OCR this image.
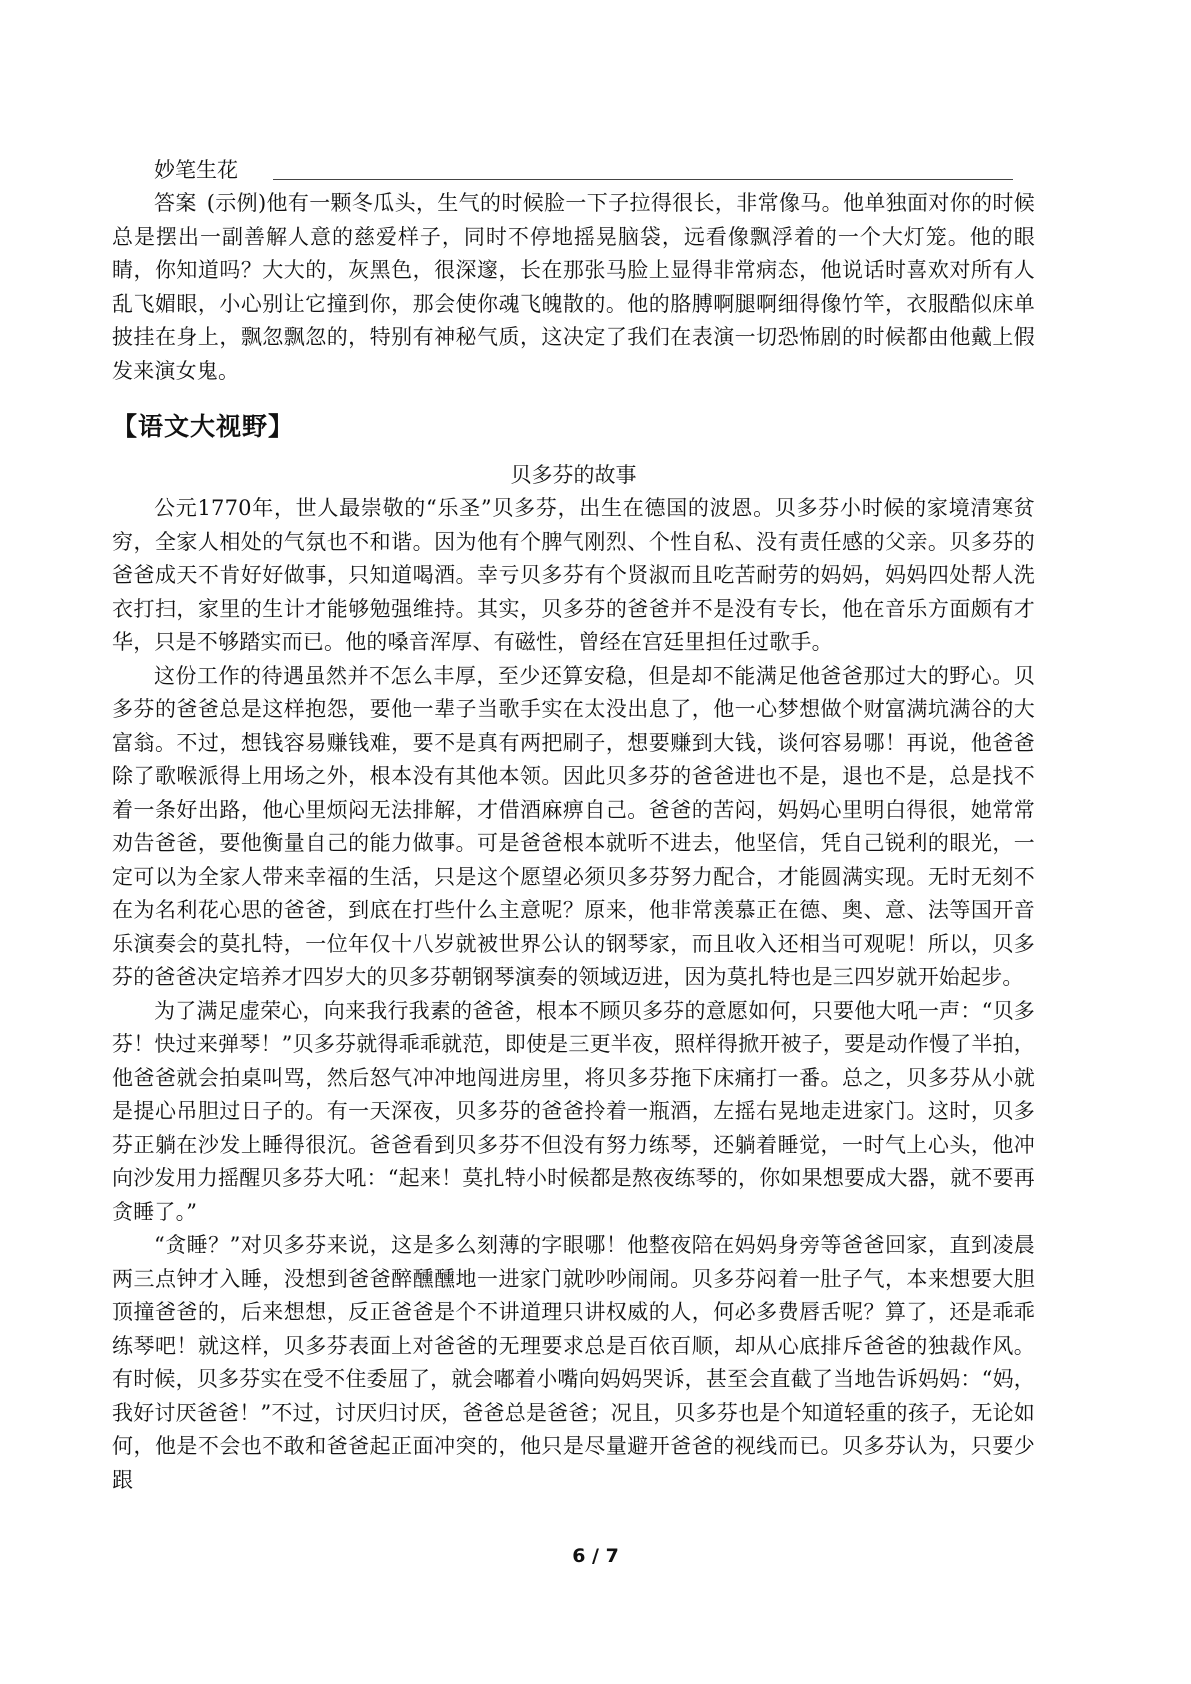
妙笔生花

答案 (示例)他有一颗冬瓜头，生气的时候脸一下子拉得很长，非常像马。他单独面对你的时候总是摆出一副善解人意的慈爱样子，同时不停地摇晃脑袋，远看像飘浮着的一个大灯笼。他的眼睛，你知道吗？大大的，灰黑色，很深邃，长在那张马脸上显得非常病态，他说话时喜欢对所有人乱飞媚眼，小心别让它撞到你，那会使你魂飞魄散的。他的胳膊啊腿啊细得像竹竿，衣服酷似床单披挂在身上，飘忽飘忽的，特别有神秘气质，这决定了我们在表演一切恐怖剧的时候都由他戴上假发来演女鬼。

【语文大视野】
贝多芬的故事

公元1770年，世人最崇敬的“乐圣”贝多芬，出生在德国的波恩。贝多芬小时候的家境清寒贫穷，全家人相处的气氛也不和谐。因为他有个脾气刚烈、个性自私、没有责任感的父亲。贝多芬的爸爸成天不肯好好做事，只知道喝酒。幸亏贝多芬有个贤淑而且吃苦耐劳的妈妈，妈妈四处帮人洗衣打扫，家里的生计才能够勉强维持。其实，贝多芬的爸爸并不是没有专长，他在音乐方面颇有才华，只是不够踏实而已。他的嗓音浑厚、有磁性，曾经在宫廷里担任过歌手。

这份工作的待遇虽然并不怎么丰厚，至少还算安稳，但是却不能满足他爸爸那过大的野心。贝多芬的爸爸总是这样抱怨，要他一辈子当歌手实在太没出息了，他一心梦想做个财富满坑满谷的大富翁。不过，想钱容易赚钱难，要不是真有两把刷子，想要赚到大钱，谈何容易哪！再说，他爸爸除了歌喉派得上用场之外，根本没有其他本领。因此贝多芬的爸爸进也不是，退也不是，总是找不着一条好出路，他心里烦闷无法排解，才借酒麻痹自己。爸爸的苦闷，妈妈心里明白得很，她常常劝告爸爸，要他衡量自己的能力做事。可是爸爸根本就听不进去，他坚信，凭自己锐利的眼光，一定可以为全家人带来幸福的生活，只是这个愿望必须贝多芬努力配合，才能圆满实现。无时无刻不在为名利花心思的爸爸，到底在打些什么主意呢？原来，他非常羡慕正在德、奥、意、法等国开音乐演奏会的莫扎特，一位年仅十八岁就被世界公认的钢琴家，而且收入还相当可观呢！所以，贝多芬的爸爸决定培养才四岁大的贝多芬朝钢琴演奏的领域迈进，因为莫扎特也是三四岁就开始起步。

为了满足虚荣心，向来我行我素的爸爸，根本不顾贝多芬的意愿如何，只要他大吼一声：“贝多芬！快过来弹琴！”贝多芬就得乖乖就范，即使是三更半夜，照样得掀开被子，要是动作慢了半拍，他爸爸就会拍桌叫骂，然后怒气冲冲地闯进房里，将贝多芬拖下床痛打一番。总之，贝多芬从小就是提心吊胆过日子的。有一天深夜，贝多芬的爸爸拎着一瓶酒，左摇右晃地走进家门。这时，贝多芬正躺在沙发上睡得很沉。爸爸看到贝多芬不但没有努力练琴，还躺着睡觉，一时气上心头，他冲向沙发用力摇醒贝多芬大吼：“起来！莫扎特小时候都是熬夜练琴的，你如果想要成大器，就不要再贪睡了。”

“贪睡？”对贝多芬来说，这是多么刻薄的字眼哪！他整夜陪在妈妈身旁等爸爸回家，直到凌晨两三点钟才入睡，没想到爸爸醉醺醺地一进家门就吵吵闹闹。贝多芬闷着一肚子气，本来想要大胆顶撞爸爸的，后来想想，反正爸爸是个不讲道理只讲权威的人，何必多费唇舌呢？算了，还是乖乖练琴吧！就这样，贝多芬表面上对爸爸的无理要求总是百依百顺，却从心底排斥爸爸的独裁作风。有时候，贝多芬实在受不住委屈了，就会嘟着小嘴向妈妈哭诉，甚至会直截了当地告诉妈妈：“妈，我好讨厌爸爸！”不过，讨厌归讨厌，爸爸总是爸爸；况且，贝多芬也是个知道轻重的孩子，无论如何，他是不会也不敢和爸爸起正面冲突的，他只是尽量避开爸爸的视线而已。贝多芬认为，只要少跟

6 / 7
